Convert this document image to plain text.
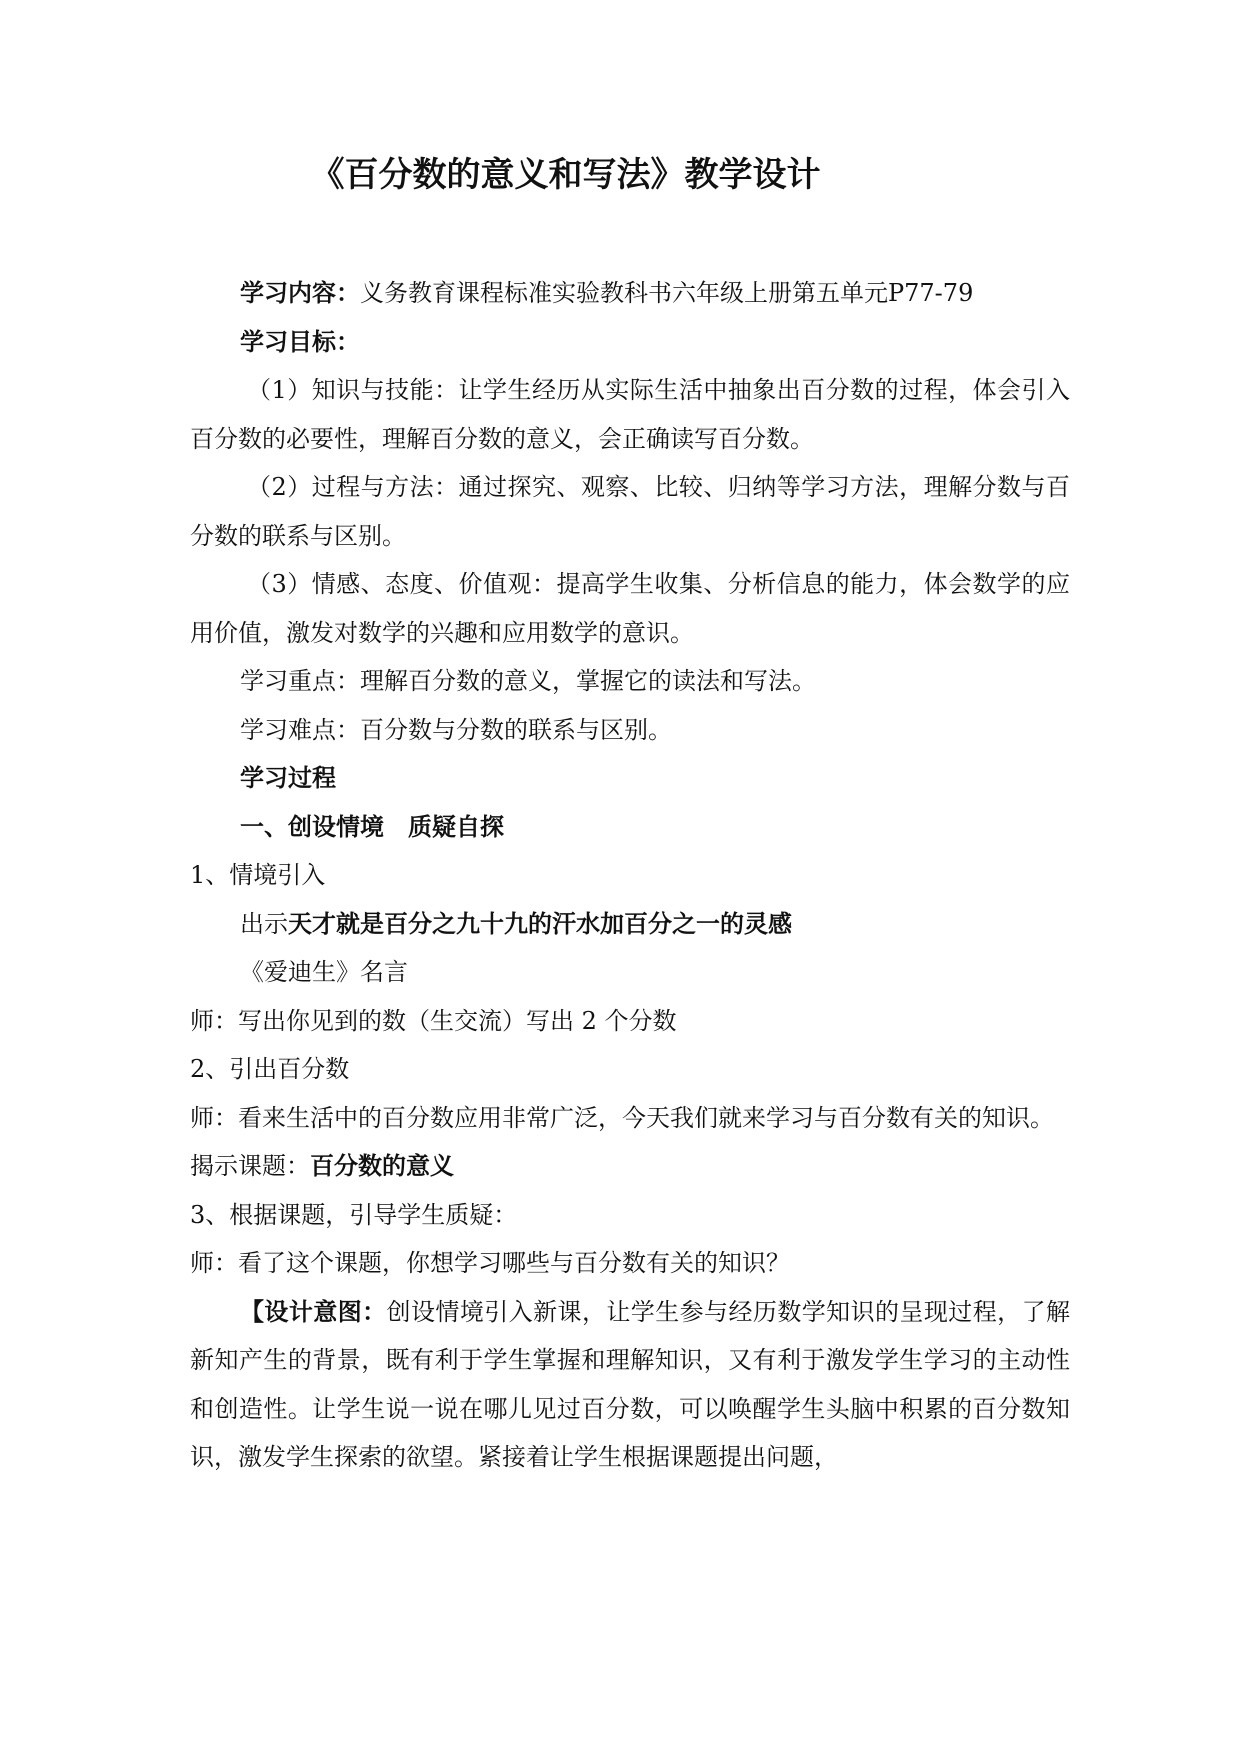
《百分数的意义和写法》教学设计

学习内容：义务教育课程标准实验教科书六年级上册第五单元P77-79

学习目标：

（1）知识与技能：让学生经历从实际生活中抽象出百分数的过程，体会引入百分数的必要性，理解百分数的意义，会正确读写百分数。

（2）过程与方法：通过探究、观察、比较、归纳等学习方法，理解分数与百分数的联系与区别。

（3）情感、态度、价值观：提高学生收集、分析信息的能力，体会数学的应用价值，激发对数学的兴趣和应用数学的意识。

学习重点：理解百分数的意义，掌握它的读法和写法。

学习难点：百分数与分数的联系与区别。

学习过程

一、创设情境　质疑自探

1、情境引入

出示天才就是百分之九十九的汗水加百分之一的灵感

《爱迪生》名言

师：写出你见到的数（生交流）写出 2 个分数

2、引出百分数

师：看来生活中的百分数应用非常广泛，今天我们就来学习与百分数有关的知识。

揭示课题：百分数的意义

3、根据课题，引导学生质疑：

师：看了这个课题，你想学习哪些与百分数有关的知识？

【设计意图：创设情境引入新课，让学生参与经历数学知识的呈现过程，了解新知产生的背景，既有利于学生掌握和理解知识，又有利于激发学生学习的主动性和创造性。让学生说一说在哪儿见过百分数，可以唤醒学生头脑中积累的百分数知识，激发学生探索的欲望。紧接着让学生根据课题提出问题，
